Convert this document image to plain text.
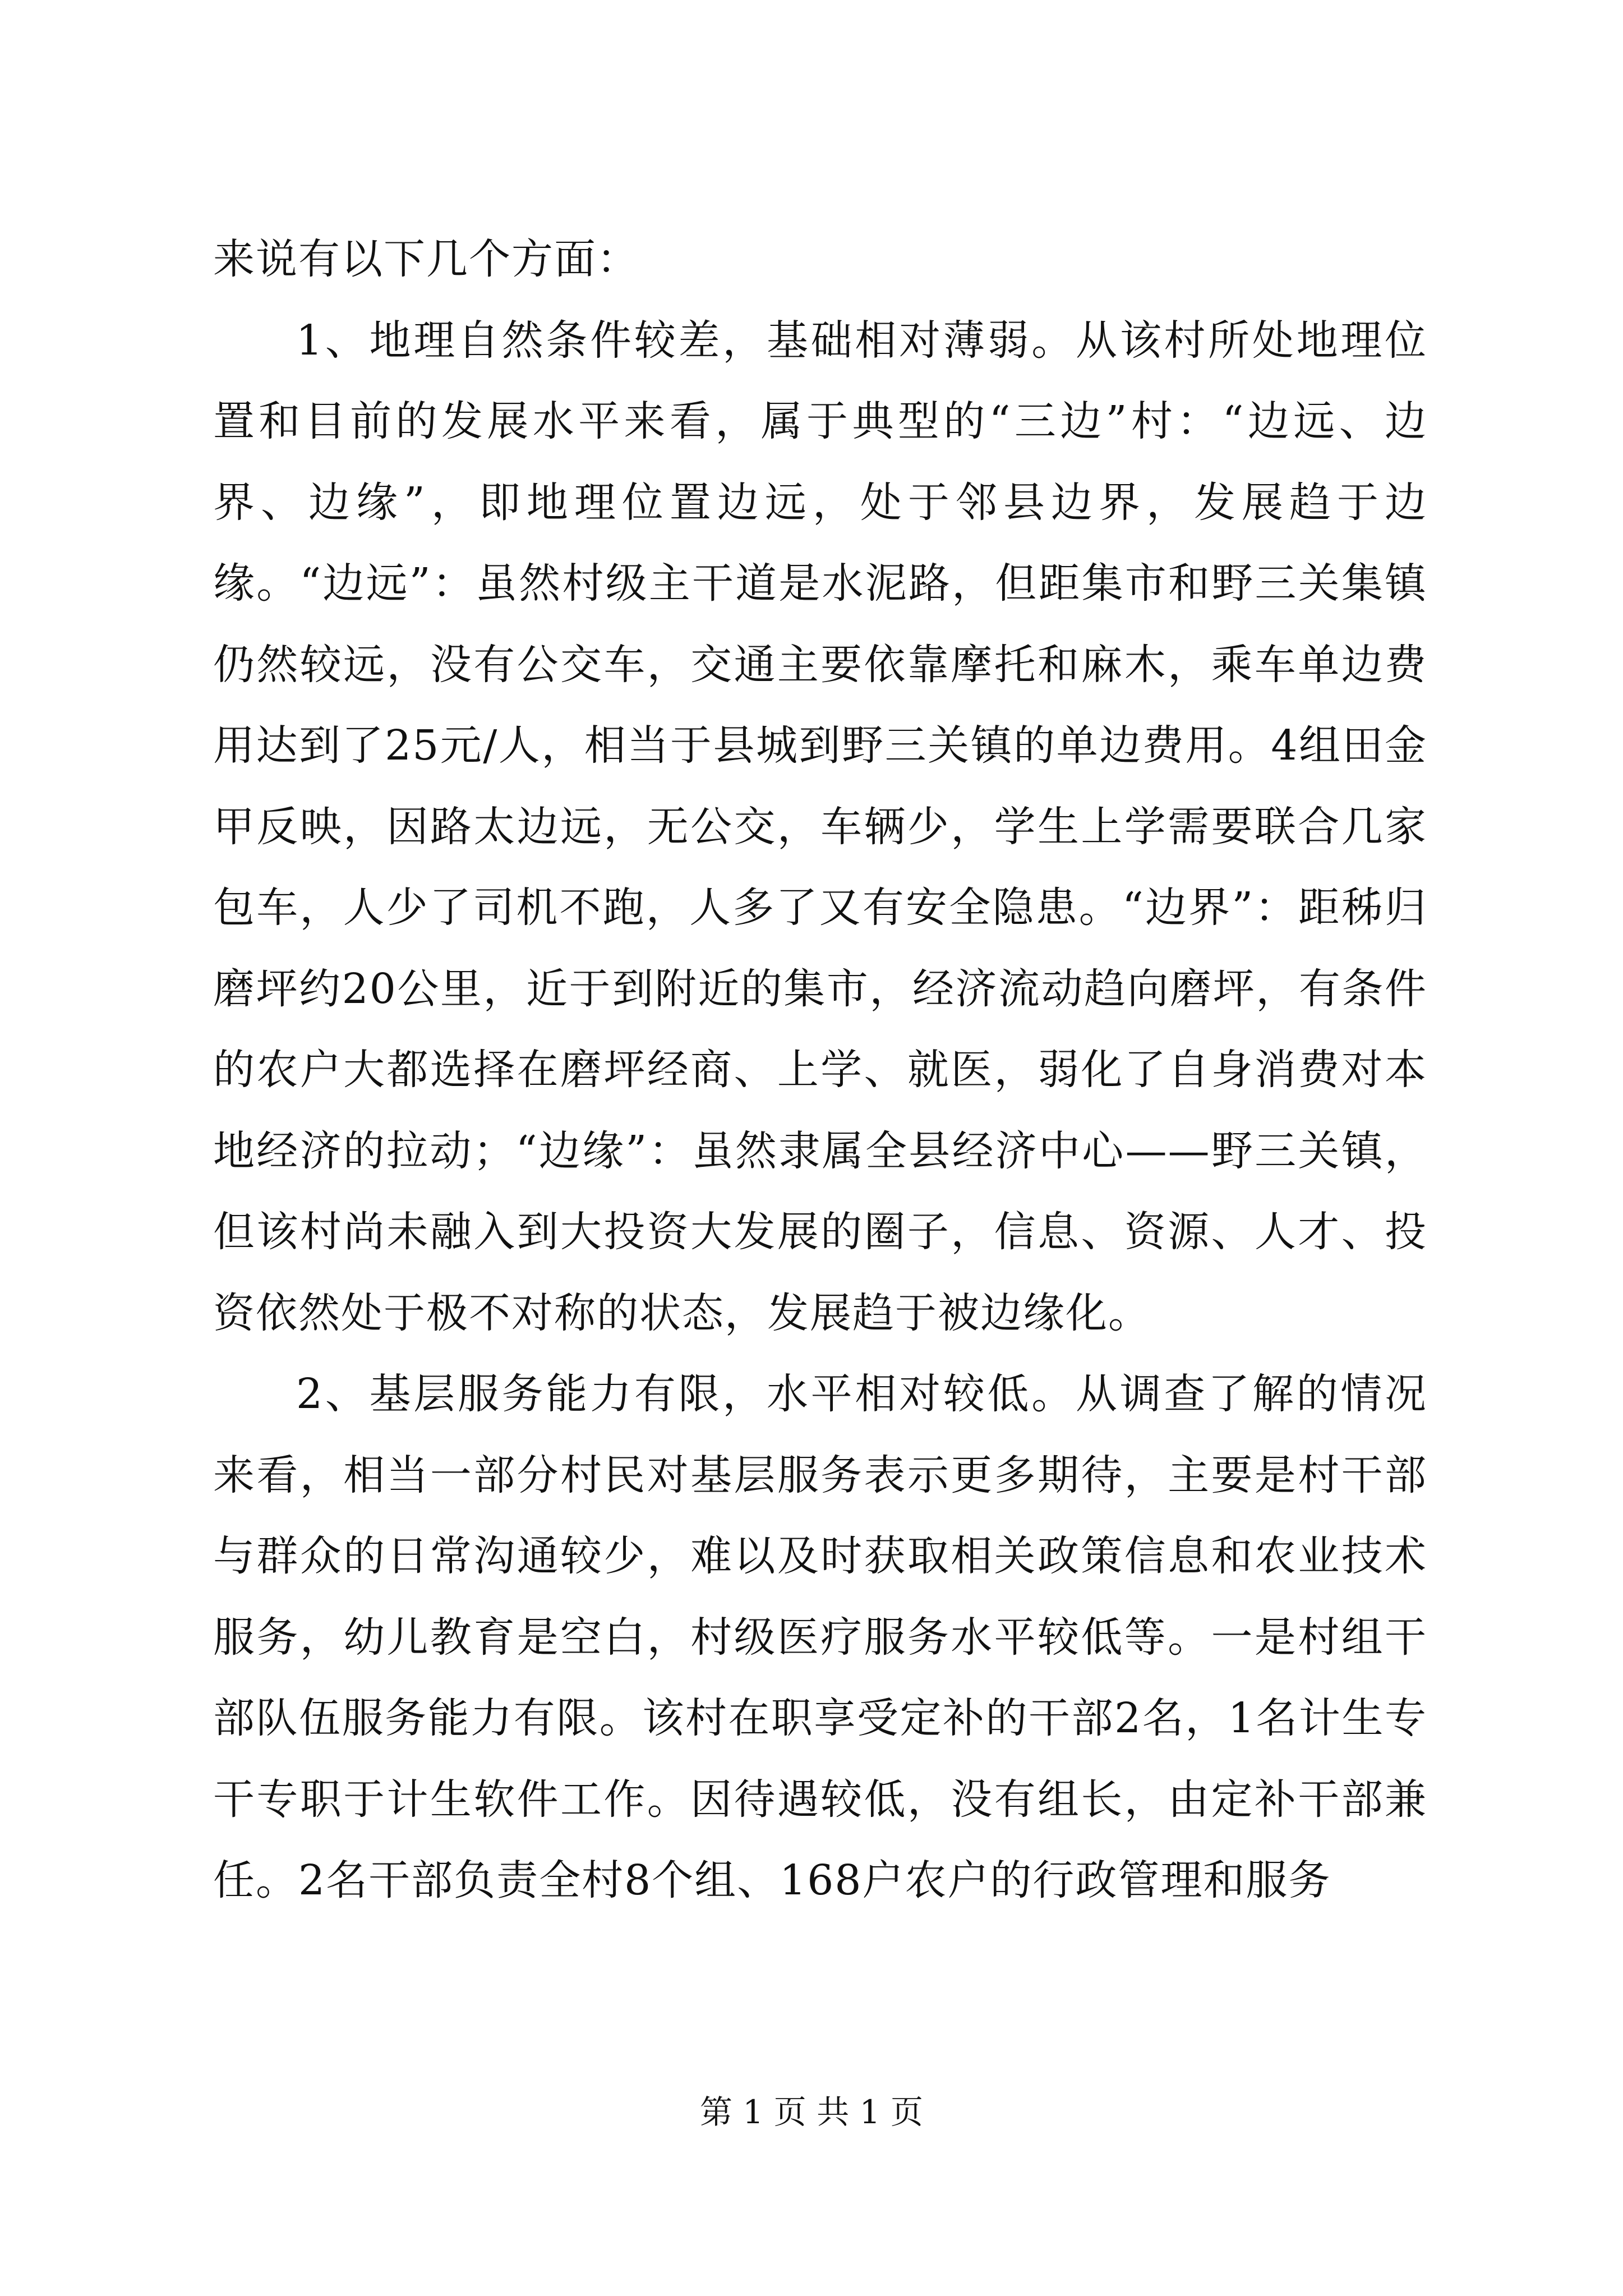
来说有以下几个方面：

1、地理自然条件较差，基础相对薄弱。从该村所处地理位置和目前的发展水平来看，属于典型的“三边”村：“边远、边界、边缘”，即地理位置边远，处于邻县边界，发展趋于边缘。“边远”：虽然村级主干道是水泥路，但距集市和野三关集镇仍然较远，没有公交车，交通主要依靠摩托和麻木，乘车单边费用达到了25元/人，相当于县城到野三关镇的单边费用。4组田金甲反映，因路太边远，无公交，车辆少，学生上学需要联合几家包车，人少了司机不跑，人多了又有安全隐患。“边界”：距秭归磨坪约20公里，近于到附近的集市，经济流动趋向磨坪，有条件的农户大都选择在磨坪经商、上学、就医，弱化了自身消费对本地经济的拉动；“边缘”：虽然隶属全县经济中心——野三关镇，但该村尚未融入到大投资大发展的圈子，信息、资源、人才、投资依然处于极不对称的状态，发展趋于被边缘化。

2、基层服务能力有限，水平相对较低。从调查了解的情况来看，相当一部分村民对基层服务表示更多期待，主要是村干部与群众的日常沟通较少，难以及时获取相关政策信息和农业技术服务，幼儿教育是空白，村级医疗服务水平较低等。一是村组干部队伍服务能力有限。该村在职享受定补的干部2名，1名计生专干专职于计生软件工作。因待遇较低，没有组长，由定补干部兼任。2名干部负责全村8个组、168户农户的行政管理和服务

第 1 页 共 1 页
